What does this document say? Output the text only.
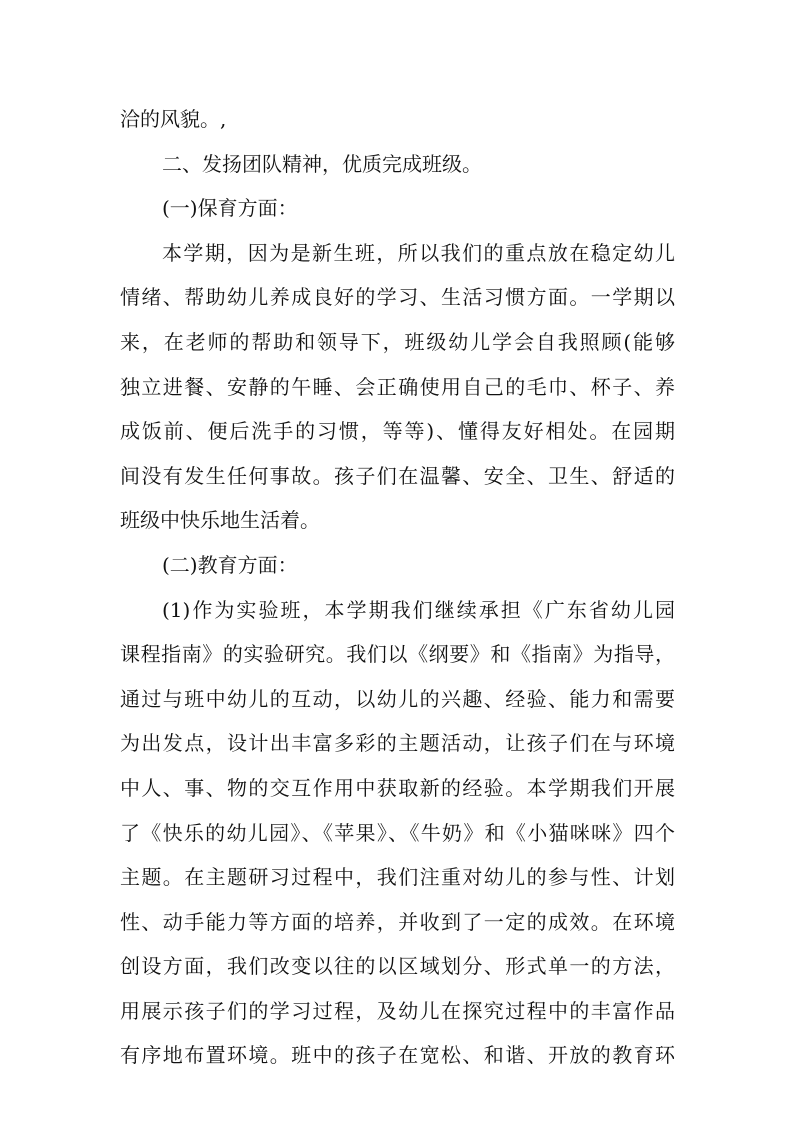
洽的风貌。,
二、发扬团队精神，优质完成班级。
(一)保育方面：
本学期，因为是新生班，所以我们的重点放在稳定幼儿
情绪、帮助幼儿养成良好的学习、生活习惯方面。一学期以
来，在老师的帮助和领导下，班级幼儿学会自我照顾(能够
独立进餐、安静的午睡、会正确使用自己的毛巾、杯子、养
成饭前、便后洗手的习惯，等等)、懂得友好相处。在园期
间没有发生任何事故。孩子们在温馨、安全、卫生、舒适的
班级中快乐地生活着。
(二)教育方面：
(1)作为实验班，本学期我们继续承担《广东省幼儿园
课程指南》的实验研究。我们以《纲要》和《指南》为指导，
通过与班中幼儿的互动，以幼儿的兴趣、经验、能力和需要
为出发点，设计出丰富多彩的主题活动，让孩子们在与环境
中人、事、物的交互作用中获取新的经验。本学期我们开展
了《快乐的幼儿园》、《苹果》、《牛奶》和《小猫咪咪》四个
主题。在主题研习过程中，我们注重对幼儿的参与性、计划
性、动手能力等方面的培养，并收到了一定的成效。在环境
创设方面，我们改变以往的以区域划分、形式单一的方法，
用展示孩子们的学习过程，及幼儿在探究过程中的丰富作品
有序地布置环境。班中的孩子在宽松、和谐、开放的教育环
